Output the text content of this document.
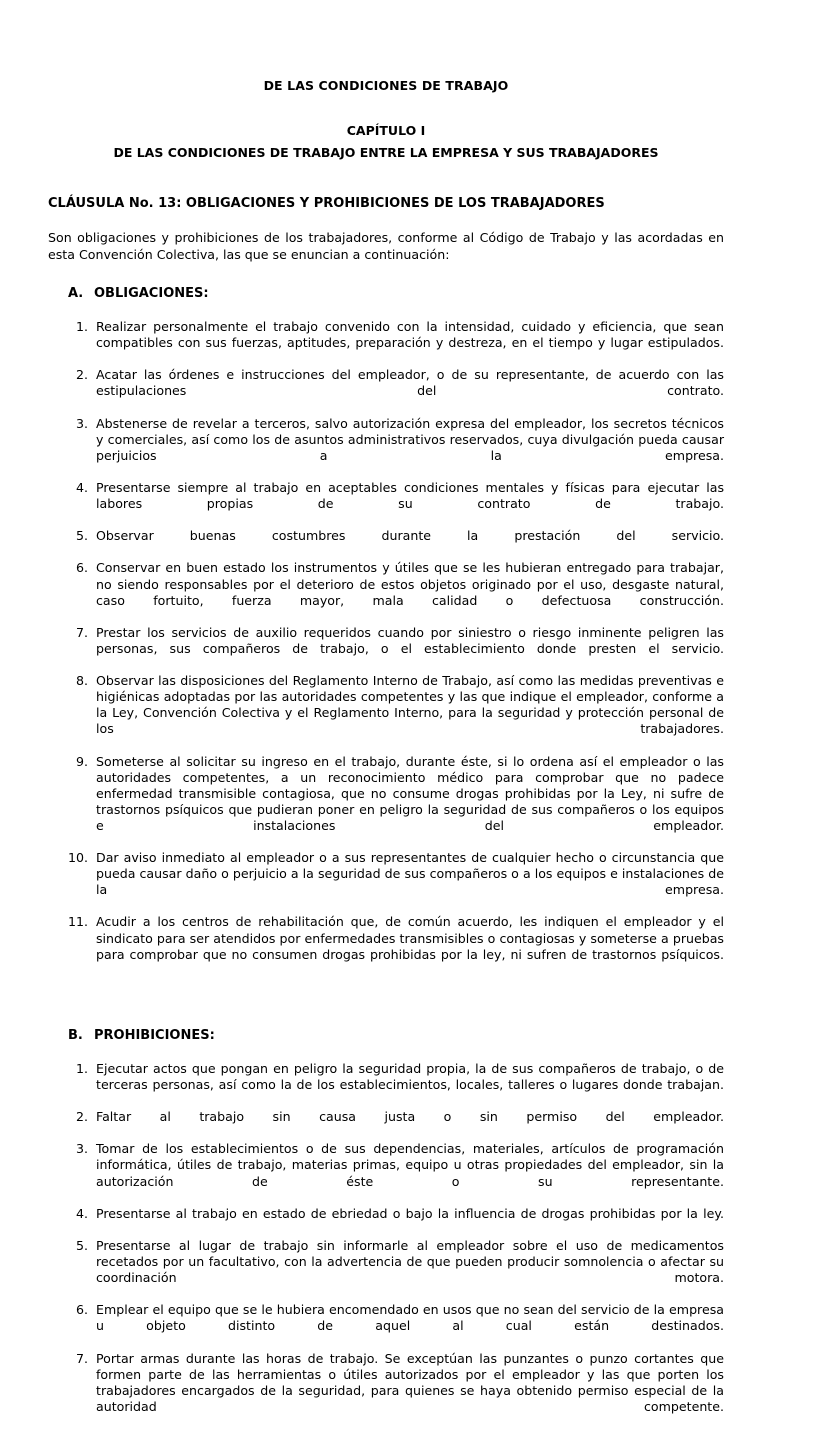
DE LAS CONDICIONES DE TRABAJO
CAPÍTULO I
DE LAS CONDICIONES DE TRABAJO ENTRE LA EMPRESA Y SUS TRABAJADORES
CLÁUSULA No. 13: OBLIGACIONES Y PROHIBICIONES DE LOS TRABAJADORES
Son obligaciones y prohibiciones de los trabajadores, conforme al Código de Trabajo y las acordadas en esta Convención Colectiva, las que se enuncian a continuación:
A. OBLIGACIONES:
1. Realizar personalmente el trabajo convenido con la intensidad, cuidado y eficiencia, que sean compatibles con sus fuerzas, aptitudes, preparación y destreza, en el tiempo y lugar estipulados.
2. Acatar las órdenes e instrucciones del empleador, o de su representante, de acuerdo con las estipulaciones del contrato.
3. Abstenerse de revelar a terceros, salvo autorización expresa del empleador, los secretos técnicos y comerciales, así como los de asuntos administrativos reservados, cuya divulgación pueda causar perjuicios a la empresa.
4. Presentarse siempre al trabajo en aceptables condiciones mentales y físicas para ejecutar las labores propias de su contrato de trabajo.
5. Observar buenas costumbres durante la prestación del servicio.
6. Conservar en buen estado los instrumentos y útiles que se les hubieran entregado para trabajar, no siendo responsables por el deterioro de estos objetos originado por el uso, desgaste natural, caso fortuito, fuerza mayor, mala calidad o defectuosa construcción.
7. Prestar los servicios de auxilio requeridos cuando por siniestro o riesgo inminente peligren las personas, sus compañeros de trabajo, o el establecimiento donde presten el servicio.
8. Observar las disposiciones del Reglamento Interno de Trabajo, así como las medidas preventivas e higiénicas adoptadas por las autoridades competentes y las que indique el empleador, conforme a la Ley, Convención Colectiva y el Reglamento Interno, para la seguridad y protección personal de los trabajadores.
9. Someterse al solicitar su ingreso en el trabajo, durante éste, si lo ordena así el empleador o las autoridades competentes, a un reconocimiento médico para comprobar que no padece enfermedad transmisible contagiosa, que no consume drogas prohibidas por la Ley, ni sufre de trastornos psíquicos que pudieran poner en peligro la seguridad de sus compañeros o los equipos e instalaciones del empleador.
10. Dar aviso inmediato al empleador o a sus representantes de cualquier hecho o circunstancia que pueda causar daño o perjuicio a la seguridad de sus compañeros o a los equipos e instalaciones de la empresa.
11. Acudir a los centros de rehabilitación que, de común acuerdo, les indiquen el empleador y el sindicato para ser atendidos por enfermedades transmisibles o contagiosas y someterse a pruebas para comprobar que no consumen drogas prohibidas por la ley, ni sufren de trastornos psíquicos.
B. PROHIBICIONES:
1. Ejecutar actos que pongan en peligro la seguridad propia, la de sus compañeros de trabajo, o de terceras personas, así como la de los establecimientos, locales, talleres o lugares donde trabajan.
2. Faltar al trabajo sin causa justa o sin permiso del empleador.
3. Tomar de los establecimientos o de sus dependencias, materiales, artículos de programación informática, útiles de trabajo, materias primas, equipo u otras propiedades del empleador, sin la autorización de éste o su representante.
4. Presentarse al trabajo en estado de ebriedad o bajo la influencia de drogas prohibidas por la ley.
5. Presentarse al lugar de trabajo sin informarle al empleador sobre el uso de medicamentos recetados por un facultativo, con la advertencia de que pueden producir somnolencia o afectar su coordinación motora.
6. Emplear el equipo que se le hubiera encomendado en usos que no sean del servicio de la empresa u objeto distinto de aquel al cual están destinados.
7. Portar armas durante las horas de trabajo. Se exceptúan las punzantes o punzo cortantes que formen parte de las herramientas o útiles autorizados por el empleador y las que porten los trabajadores encargados de la seguridad, para quienes se haya obtenido permiso especial de la autoridad competente.
